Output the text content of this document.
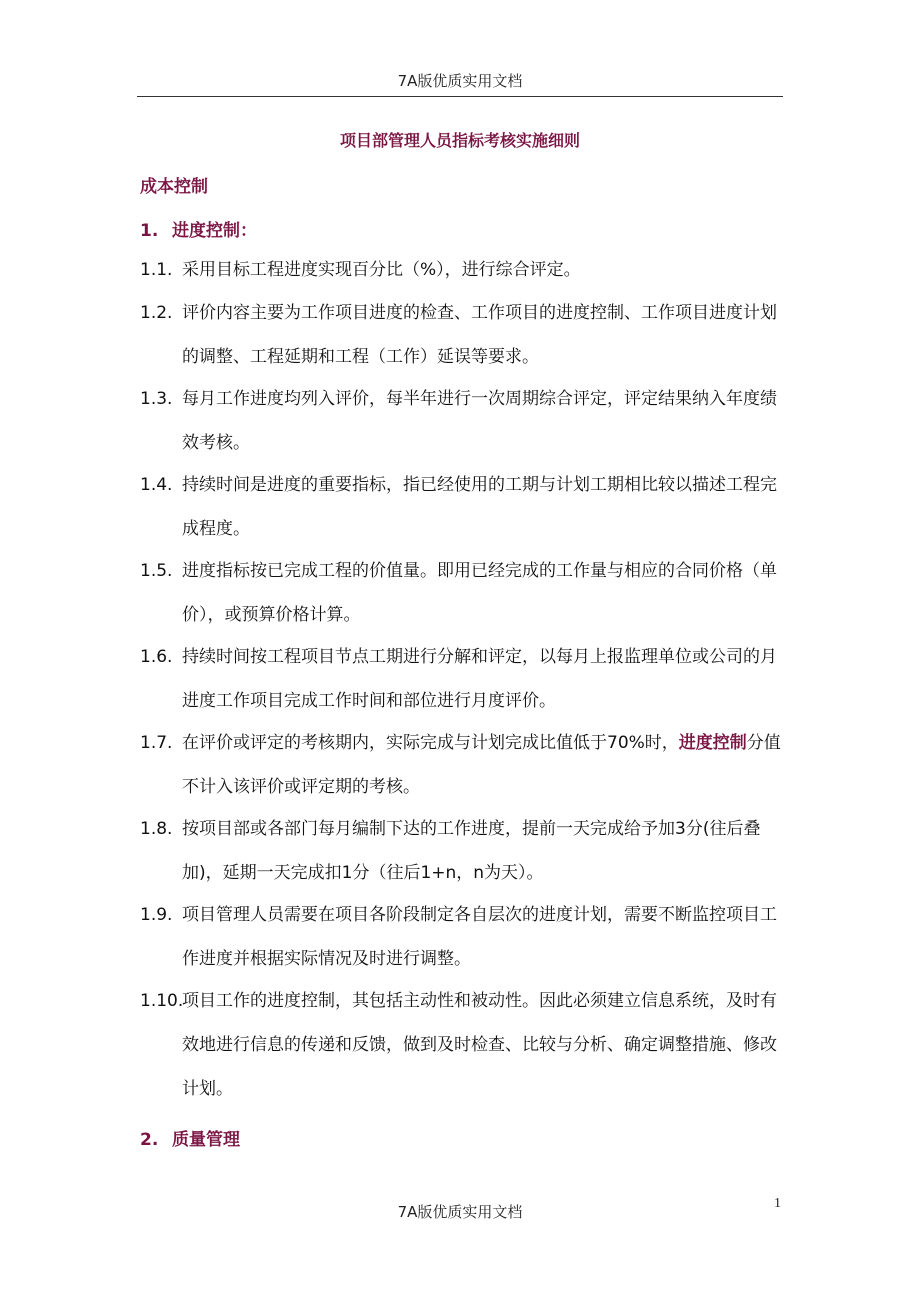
7A版优质实用文档
项目部管理人员指标考核实施细则
成本控制
1. 进度控制：
1.1. 采用目标工程进度实现百分比（%），进行综合评定。
1.2. 评价内容主要为工作项目进度的检查、工作项目的进度控制、工作项目进度计划的调整、工程延期和工程（工作）延误等要求。
1.3. 每月工作进度均列入评价，每半年进行一次周期综合评定，评定结果纳入年度绩效考核。
1.4. 持续时间是进度的重要指标，指已经使用的工期与计划工期相比较以描述工程完成程度。
1.5. 进度指标按已完成工程的价值量。即用已经完成的工作量与相应的合同价格（单价），或预算价格计算。
1.6. 持续时间按工程项目节点工期进行分解和评定，以每月上报监理单位或公司的月进度工作项目完成工作时间和部位进行月度评价。
1.7. 在评价或评定的考核期内，实际完成与计划完成比值低于70%时，进度控制分值不计入该评价或评定期的考核。
1.8. 按项目部或各部门每月编制下达的工作进度，提前一天完成给予加3分(往后叠加)，延期一天完成扣1分（往后1+n，n为天）。
1.9. 项目管理人员需要在项目各阶段制定各自层次的进度计划，需要不断监控项目工作进度并根据实际情况及时进行调整。
1.10.
项目工作的进度控制，其包括主动性和被动性。因此必须建立信息系统，及时有效地进行信息的传递和反馈，做到及时检查、比较与分析、确定调整措施、修改计划。
2. 质量管理
1
7A版优质实用文档
